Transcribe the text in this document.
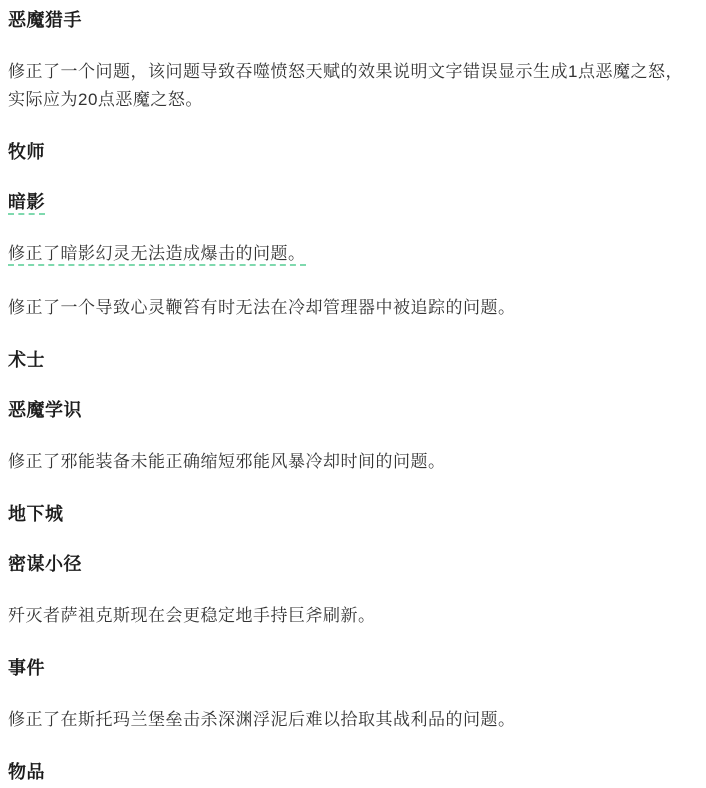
恶魔猎手

修正了一个问题，该问题导致吞噬愤怒天赋的效果说明文字错误显示生成1点恶魔之怒，实际应为20点恶魔之怒。

牧师
暗影

修正了暗影幻灵无法造成爆击的问题。

修正了一个导致心灵鞭笞有时无法在冷却管理器中被追踪的问题。

术士
恶魔学识

修正了邪能装备未能正确缩短邪能风暴冷却时间的问题。

地下城
密谋小径

歼灭者萨祖克斯现在会更稳定地手持巨斧刷新。

事件

修正了在斯托玛兰堡垒击杀深渊浮泥后难以拾取其战利品的问题。

物品
